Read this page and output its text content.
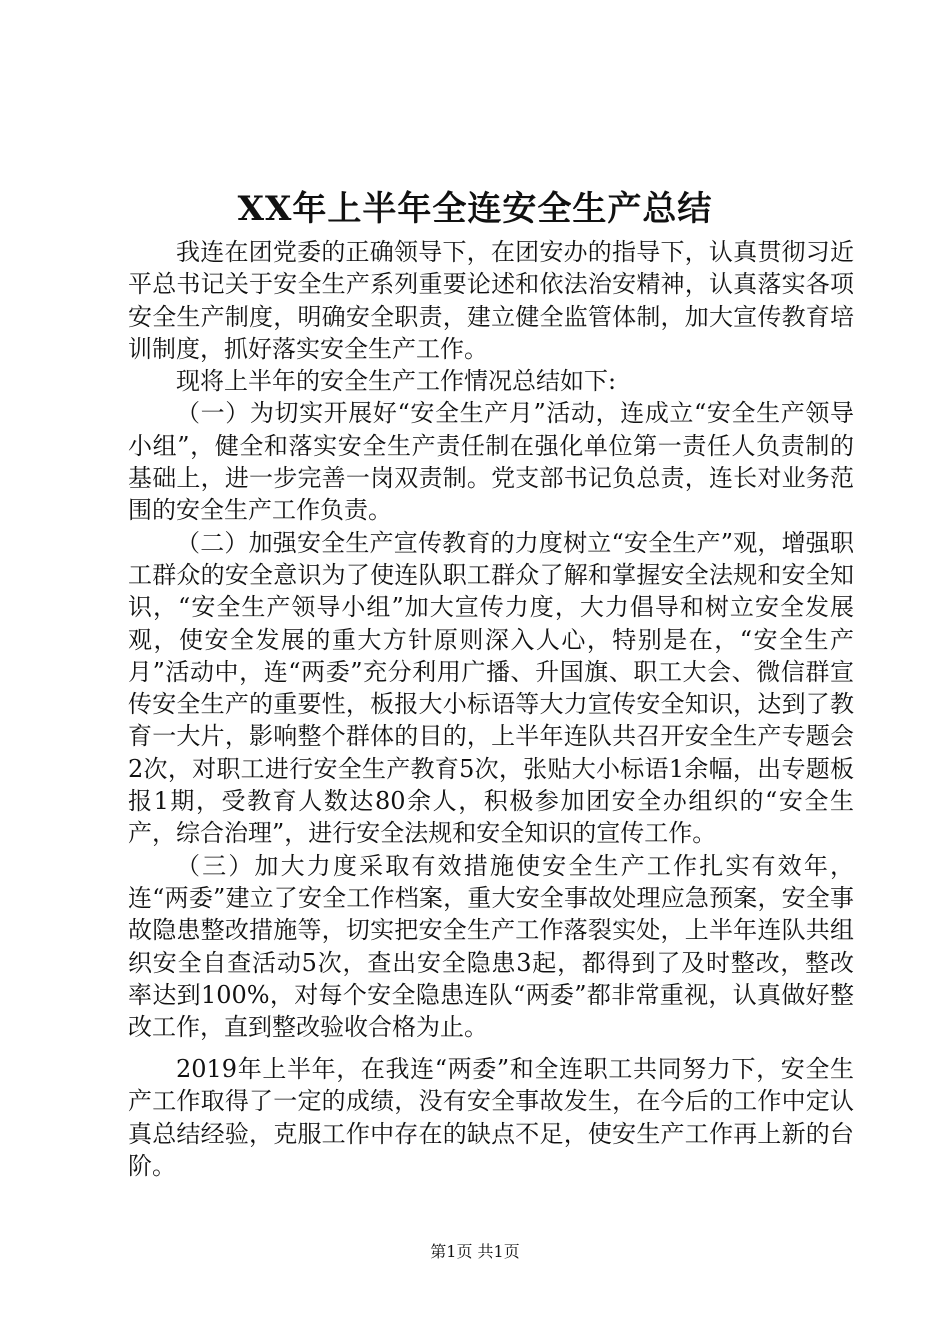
XX年上半年全连安全生产总结

我连在团党委的正确领导下，在团安办的指导下，认真贯彻习近平总书记关于安全生产系列重要论述和依法治安精神，认真落实各项安全生产制度，明确安全职责，建立健全监管体制，加大宣传教育培训制度，抓好落实安全生产工作。

现将上半年的安全生产工作情况总结如下:

（一）为切实开展好“安全生产月”活动，连成立“安全生产领导小组”，健全和落实安全生产责任制在强化单位第一责任人负责制的基础上，进一步完善一岗双责制。党支部书记负总责，连长对业务范围的安全生产工作负责。

（二）加强安全生产宣传教育的力度树立“安全生产”观，增强职工群众的安全意识为了使连队职工群众了解和掌握安全法规和安全知识，“安全生产领导小组”加大宣传力度，大力倡导和树立安全发展观，使安全发展的重大方针原则深入人心，特别是在，“安全生产月”活动中，连“两委”充分利用广播、升国旗、职工大会、微信群宣传安全生产的重要性，板报大小标语等大力宣传安全知识，达到了教育一大片，影响整个群体的目的，上半年连队共召开安全生产专题会2次，对职工进行安全生产教育5次，张贴大小标语1余幅，出专题板报1期，受教育人数达80余人，积极参加团安全办组织的“安全生产，综合治理”，进行安全法规和安全知识的宣传工作。

（三）加大力度采取有效措施使安全生产工作扎实有效年，连“两委”建立了安全工作档案，重大安全事故处理应急预案，安全事故隐患整改措施等，切实把安全生产工作落裂实处，上半年连队共组织安全自查活动5次，查出安全隐患3起，都得到了及时整改，整改率达到100%，对每个安全隐患连队“两委”都非常重视，认真做好整改工作，直到整改验收合格为止。

2019年上半年，在我连“两委”和全连职工共同努力下，安全生产工作取得了一定的成绩，没有安全事故发生，在今后的工作中定认真总结经验，克服工作中存在的缺点不足，使安生产工作再上新的台阶。

第1页 共1页
